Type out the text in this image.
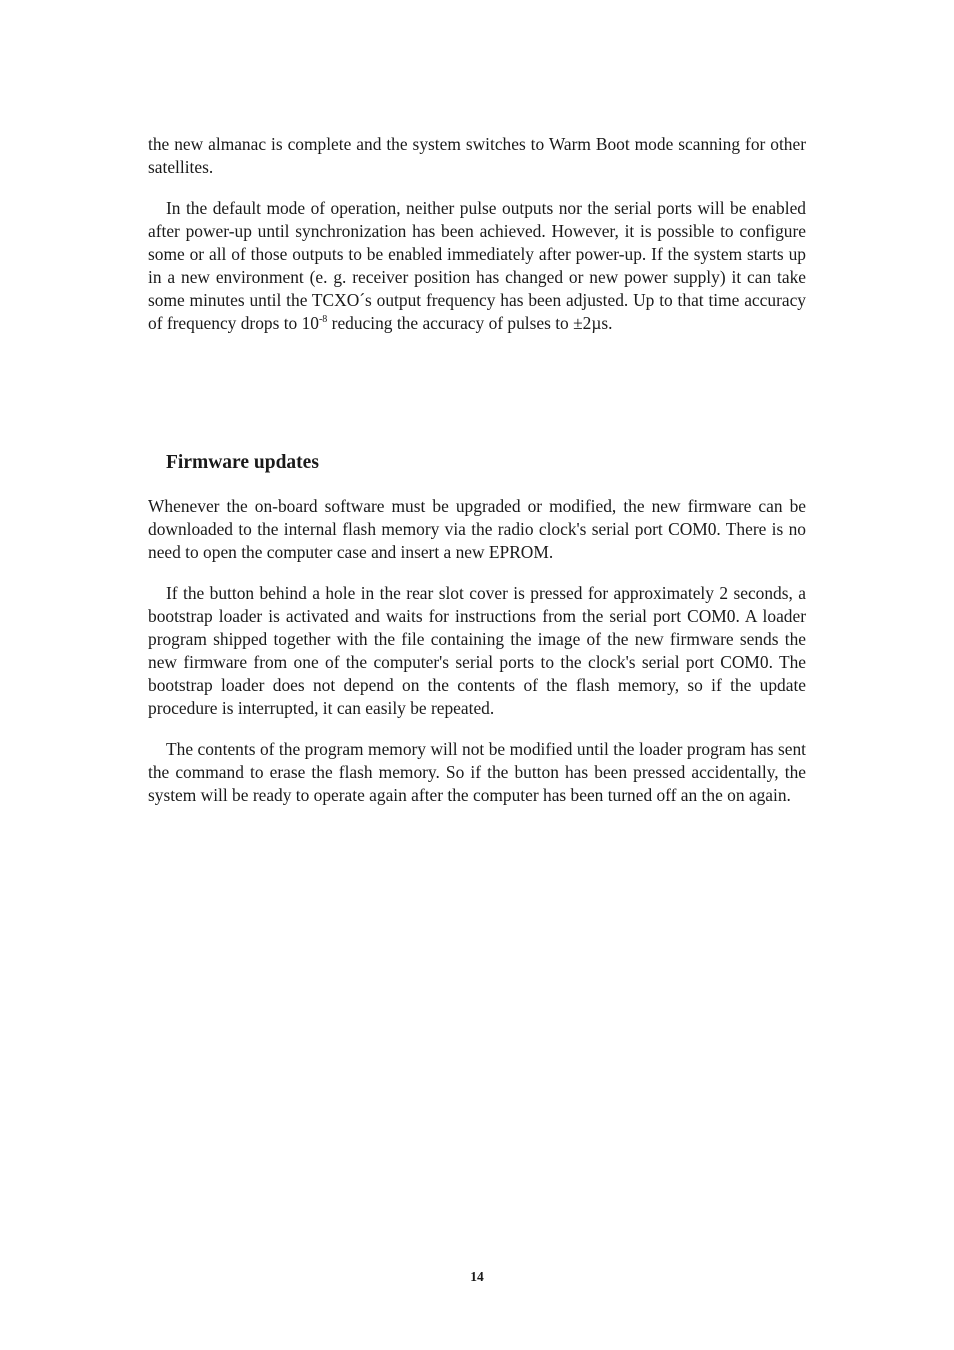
the new almanac is complete and the system switches to Warm Boot mode scanning for other satellites.

In the default mode of operation, neither pulse outputs nor the serial ports will be enabled after power-up until synchronization has been achieved. However, it is possible to configure some or all of those outputs to be enabled immediately after power-up. If the system starts up in a new environment (e. g. receiver position has changed or new power supply) it can take some minutes until the TCXO´s output frequency has been adjusted. Up to that time accuracy of frequency drops to $10^{-8}$ reducing the accuracy of pulses to ±2µs.

Firmware updates

Whenever the on-board software must be upgraded or modified, the new firmware can be downloaded to the internal flash memory via the radio clock's serial port COM0. There is no need to open the computer case and insert a new EPROM.

If the button behind a hole in the rear slot cover is pressed for approximately 2 seconds, a bootstrap loader is activated and waits for instructions from the serial port COM0. A loader program shipped together with the file containing the image of the new firmware sends the new firmware from one of the computer's serial ports to the clock's serial port COM0. The bootstrap loader does not depend on the contents of the flash memory, so if the update procedure is interrupted, it can easily be repeated.

The contents of the program memory will not be modified until the loader program has sent the command to erase the flash memory. So if the button has been pressed accidentally, the system will be ready to operate again after the computer has been turned off an the on again.

14
